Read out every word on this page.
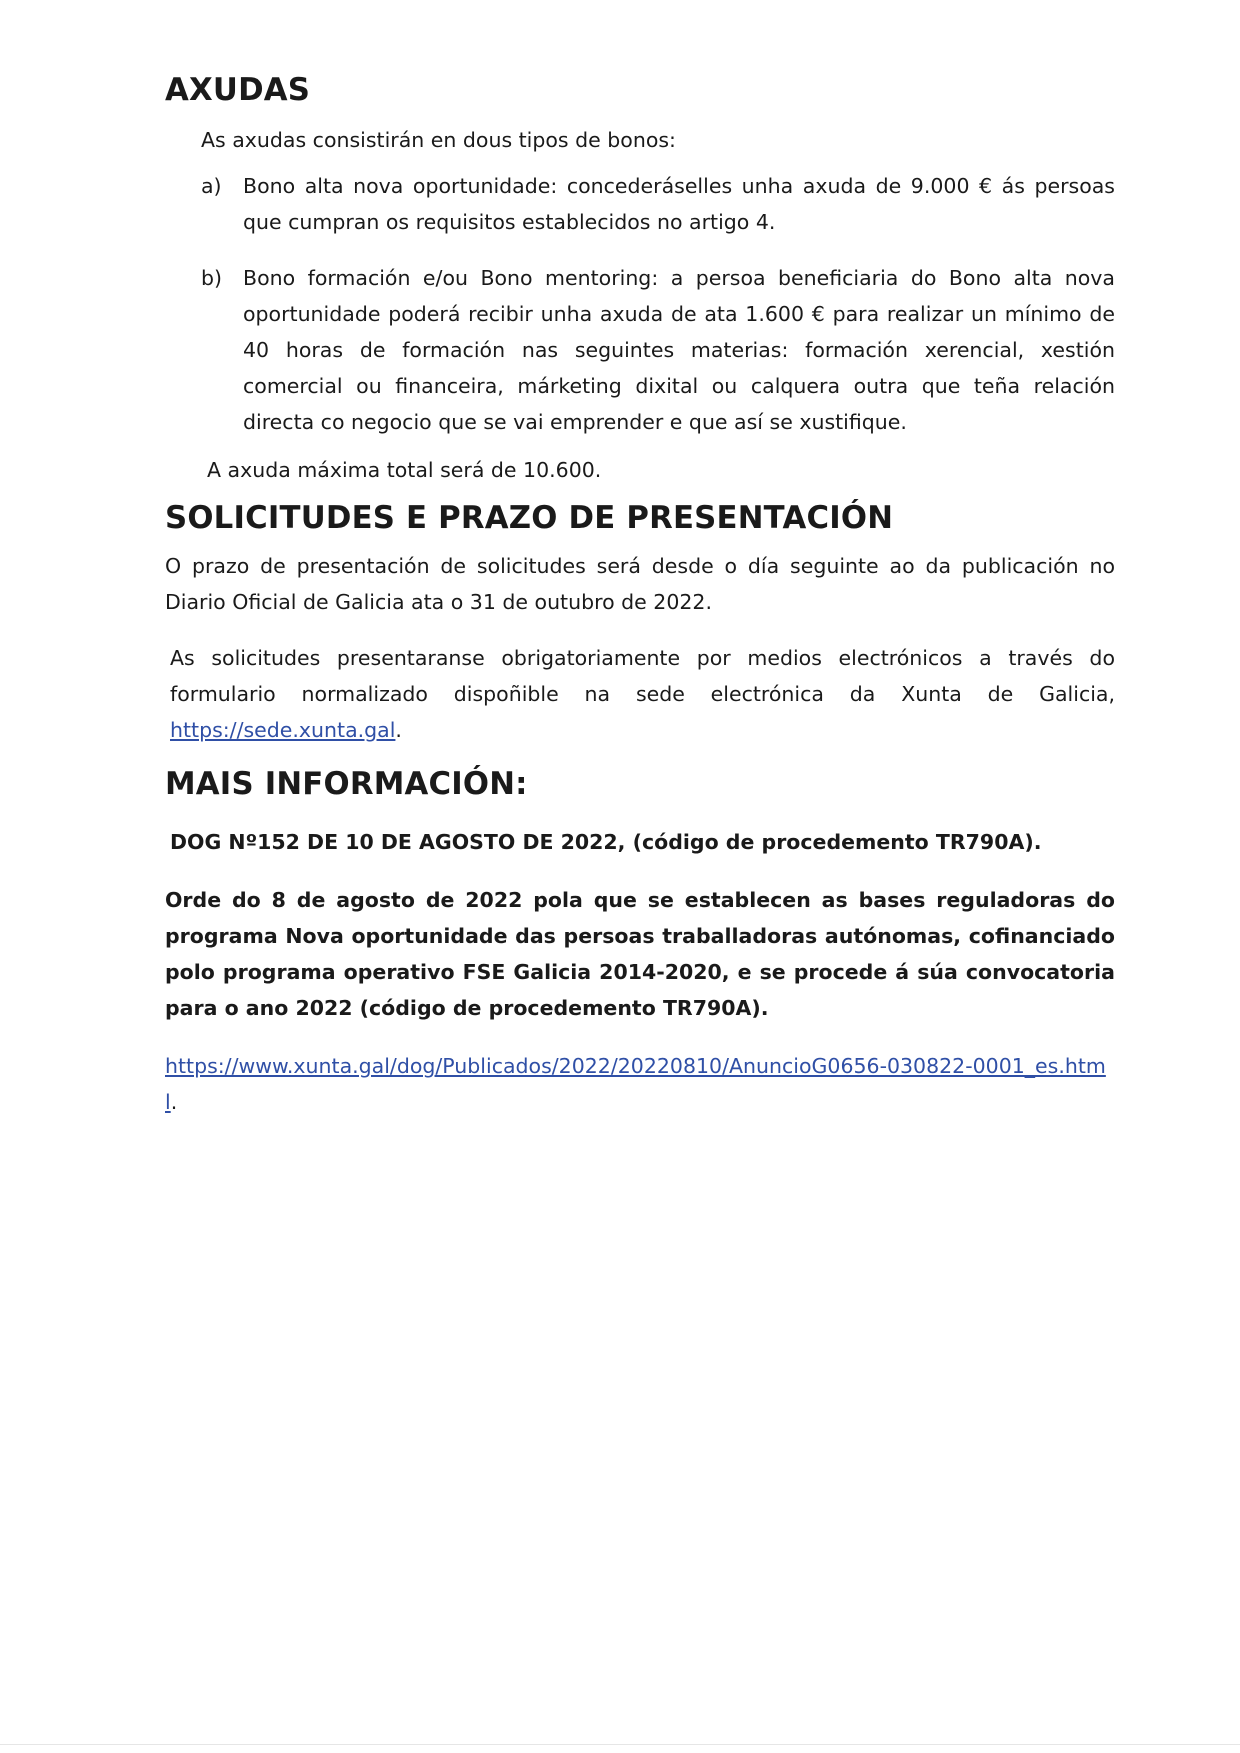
AXUDAS

As axudas consistirán en dous tipos de bonos:

a)	Bono alta nova oportunidade: concederáselles unha axuda de 9.000 € ás persoas que cumpran os requisitos establecidos no artigo 4.
b)	Bono formación e/ou Bono mentoring: a persoa beneficiaria do Bono alta nova oportunidade poderá recibir unha axuda de ata 1.600 € para realizar un mínimo de 40 horas de formación nas seguintes materias: formación xerencial, xestión comercial ou financeira, márketing dixital ou calquera outra que teña relación directa co negocio que se vai emprender e que así se xustifique.

A axuda máxima total será de 10.600.

SOLICITUDES E PRAZO DE PRESENTACIÓN

O prazo de presentación de solicitudes será desde o día seguinte ao da publicación no Diario Oficial de Galicia ata o 31 de outubro de 2022.

As solicitudes presentaranse obrigatoriamente por medios electrónicos a través do formulario normalizado dispoñible na sede electrónica da Xunta de Galicia, https://sede.xunta.gal.

MAIS INFORMACIÓN:

DOG Nº152 DE 10 DE AGOSTO DE 2022, (código de procedemento TR790A).

Orde do 8 de agosto de 2022 pola que se establecen as bases reguladoras do programa Nova oportunidade das persoas traballadoras autónomas, cofinanciado polo programa operativo FSE Galicia 2014-2020, e se procede á súa convocatoria para o ano 2022 (código de procedemento TR790A).

https://www.xunta.gal/dog/Publicados/2022/20220810/AnuncioG0656-030822-0001_es.html.
